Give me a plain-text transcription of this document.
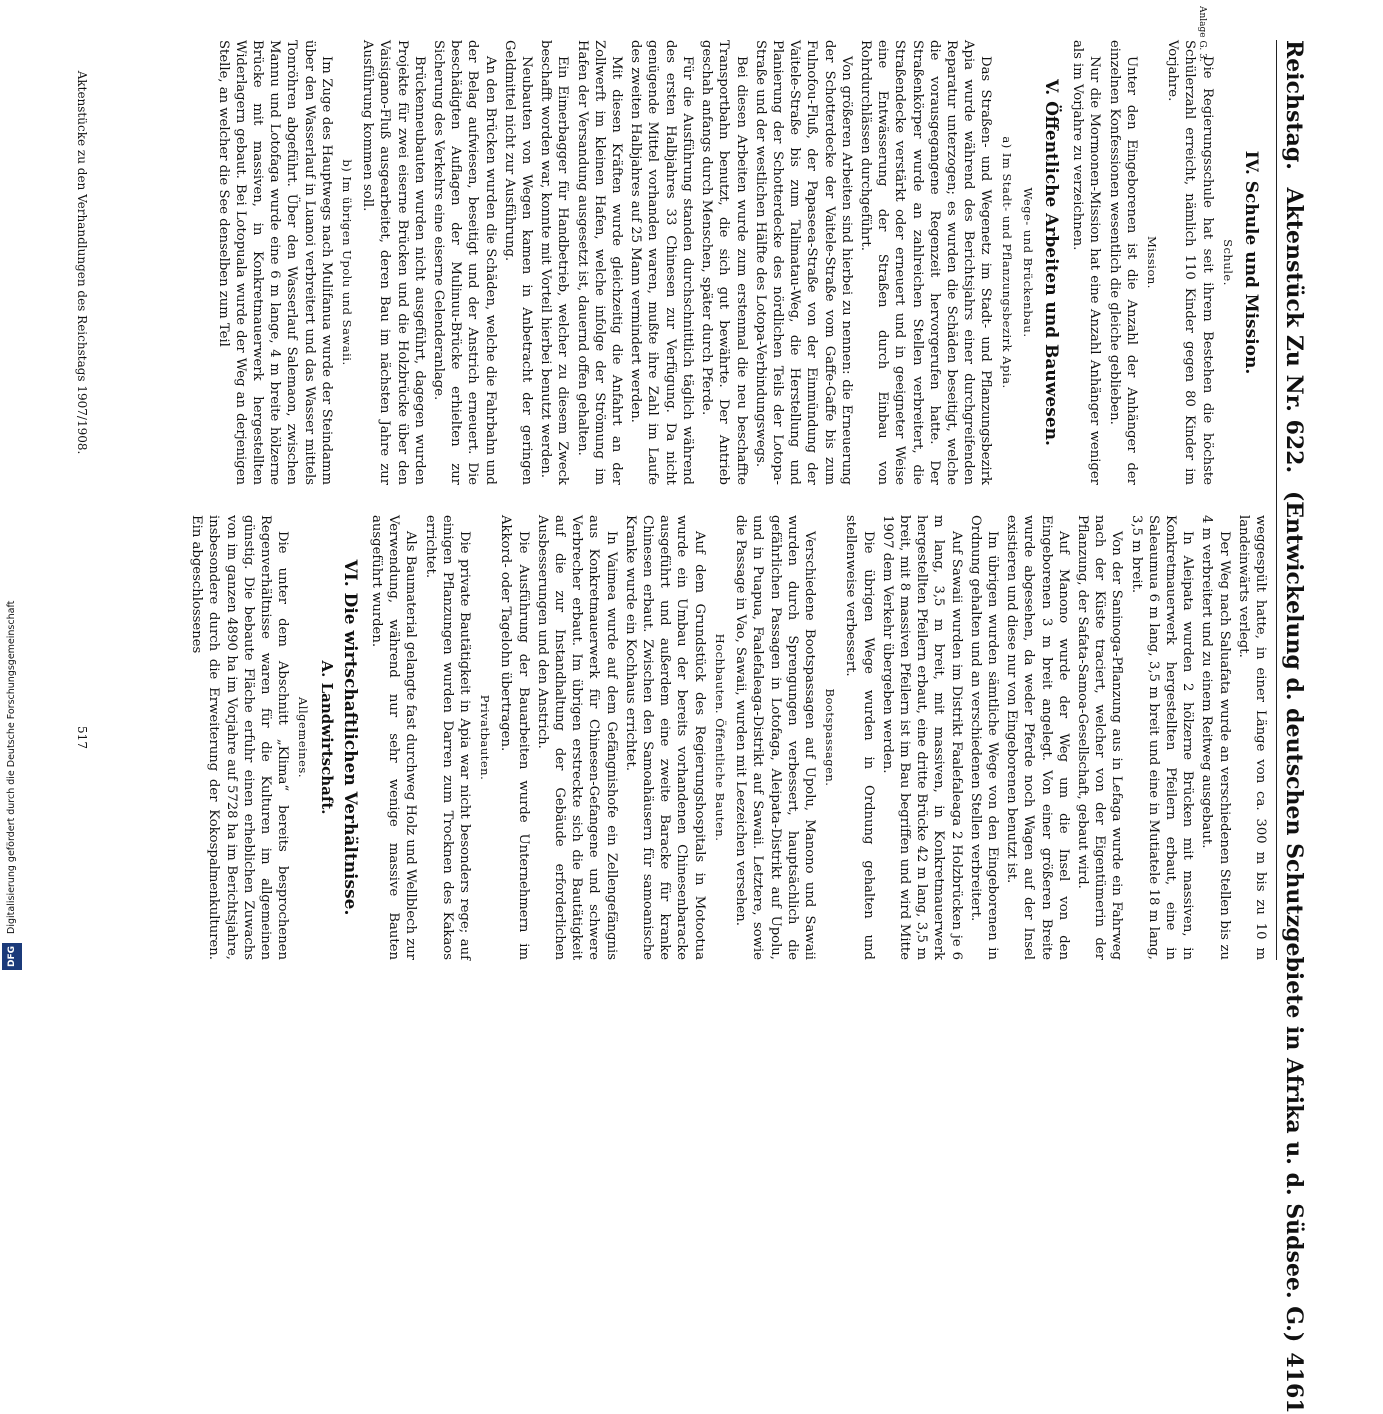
Reichstag. Aktenstück Zu Nr. 622. (Entwickelung d. deutschen Schutzgebiete in Afrika u. d. Südsee. G.)
4161
Anlage G. 3.
IV. Schule und Mission.
Schule.

Die Regierungsschule hat seit ihrem Bestehen die höchste Schülerzahl erreicht, nämlich 110 Kinder gegen 80 Kinder im Vorjahre.

Mission.

Unter den Eingeborenen ist die Anzahl der Anhänger der einzelnen Konfessionen wesentlich die gleiche geblieben.

Nur die Mormonen-Mission hat eine Anzahl Anhänger weniger als im Vorjahre zu verzeichnen.

V. Öffentliche Arbeiten und Bauwesen.
Wege- und Brückenbau.
a) Im Stadt- und Pflanzungsbezirk Apia.

Das Straßen- und Wegenetz im Stadt- und Pflanzungsbezirk Apia wurde während des Berichtsjahrs einer durchgreifenden Reparatur unterzogen; es wurden die Schäden beseitigt, welche die vorausgegangene Regenzeit hervorgerufen hatte. Der Straßenkörper wurde an zahlreichen Stellen verbreitert, die Straßendecke verstärkt oder erneuert und in geeigneter Weise eine Entwässerung der Straßen durch Einbau von Rohrdurchlässen durchgeführt.

Von größeren Arbeiten sind hierbei zu nennen: die Erneuerung der Schotterdecke der Vaitele-Straße vom Gaffe-Gaffe bis zum Fulnofou-Fluß, der Papaseea-Straße von der Einmündung der Vaitele-Straße bis zum Talimatau-Weg, die Herstellung und Planierung der Schotterdecke des nördlichen Teils der Lotopa-Straße und der westlichen Hälfte des Lotopa-Verbindungswegs.

Bei diesen Arbeiten wurde zum erstenmal die neu beschaffte Transportbahn benutzt, die sich gut bewährte. Der Antrieb geschah anfangs durch Menschen, später durch Pferde.

Für die Ausführung standen durchschnittlich täglich während des ersten Halbjahres 33 Chinesen zur Verfügung. Da nicht genügende Mittel vorhanden waren, mußte ihre Zahl im Laufe des zweiten Halbjahres auf 25 Mann vermindert werden.

Mit diesen Kräften wurde gleichzeitig die Anfahrt an der Zollwerft im kleinen Hafen, welche infolge der Strömung im Hafen der Versandung ausgesetzt ist, dauernd offen gehalten.

Ein Eimerbagger für Handbetrieb, welcher zu diesem Zweck beschafft worden war, konnte mit Vorteil hierbei benutzt werden.

Neubauten von Wegen kamen in Anbetracht der geringen Geldmittel nicht zur Ausführung.

An den Brücken wurden die Schäden, welche die Fahrbahn und der Belag aufwiesen, beseitigt und der Anstrich erneuert. Die beschädigten Auflagen der Mulinuu-Brücke erhielten zur Sicherung des Verkehrs eine eiserne Gelenderanlage.

Brückenneubauten wurden nicht ausgeführt, dagegen wurden Projekte für zwei eiserne Brücken und die Holzbrücke über den Vaisigano-Fluß ausgearbeitet, deren Bau im nächsten Jahre zur Ausführung kommen soll.

b) Im übrigen Upolu und Sawaii.

Im Zuge des Hauptwegs nach Mulifanua wurde der Steindamm über den Wasserlauf in Luanoi verbreitert und das Wasser mittels Tonröhren abgeführt. Über den Wasserlauf Salemaon, zwischen Mannu und Lotofaga wurde eine 6 m lange, 4 m breite hölzerne Brücke mit massiven, in Konkretmauerwerk hergestellten Widerlagern gebaut. Bei Lotopuala wurde der Weg an derjenigen Stelle, an welcher die See denselben zum Teil

weggespült hatte, in einer Länge von ca. 300 m bis zu 10 m landeinwärts verlegt.

Der Weg nach Saluafata wurde an verschiedenen Stellen bis zu 4 m verbreitert und zu einem Reitweg ausgebaut.

In Aleipata wurden 2 hölzerne Brücken mit massiven, in Konkretmauerwerk hergestellten Pfeilern erbaut, eine in Saleaumua 6 m lang, 3,5 m breit und eine in Mutiatele 18 m lang, 3,5 m breit.

Von der Saninoga-Pflanzung aus in Lefaga wurde ein Fahrweg nach der Küste traciert, welcher von der Eigentümerin der Pflanzung, der Safata-Samoa-Gesellschaft, gebaut wird.

Auf Manono wurde der Weg um die Insel von den Eingeborenen 3 m breit angelegt. Von einer größeren Breite wurde abgesehen, da weder Pferde noch Wagen auf der Insel existieren und diese nur von Eingeborenen benutzt ist.

Im übrigen wurden sämtliche Wege von den Eingeborenen in Ordnung gehalten und an verschiedenen Stellen verbreitert.

Auf Sawaii wurden im Distrikt Faalefaleaga 2 Holzbrücken je 6 m lang, 3,5 m breit, mit massiven, in Konkretmauerwerk hergestellten Pfeilern erbaut, eine dritte Brücke 42 m lang, 3,5 m breit, mit 8 massiven Pfeilern ist im Bau begriffen und wird Mitte 1907 dem Verkehr übergeben werden.

Die übrigen Wege wurden in Ordnung gehalten und stellenweise verbessert.

Bootspassagen.

Verschiedene Bootspassagen auf Upolu, Manono und Sawaii wurden durch Sprengungen verbessert, hauptsächlich die gefährlichen Passagen in Lotofaga, Aleipata-Distrikt auf Upolu, und in Puapua, Faalefaleaga-Distrikt auf Sawaii. Letztere, sowie die Passage in Vao, Sawaii, wurden mit Leezeichen versehen.

Hochbauten. Öffentliche Bauten.

Auf dem Grundstück des Regierungshospitals in Motootua wurde ein Umbau der bereits vorhandenen Chinesenbaracke ausgeführt und außerdem eine zweite Baracke für kranke Chinesen erbaut. Zwischen den Samoahäusern für samoanische Kranke wurde ein Kochhaus errichtet.

In Vaimea wurde auf dem Gefängnishofe ein Zellengefängnis aus Konkretmauerwerk für Chinesen-Gefangene und schwere Verbrecher erbaut. Im übrigen erstreckte sich die Bautätigkeit auf die zur Instandhaltung der Gebäude erforderlichen Ausbesserungen und den Anstrich.

Die Ausführung der Bauarbeiten wurde Unternehmern im Akkord- oder Tagelohn übertragen.

Privatbauten.

Die private Bautätigkeit in Apia war nicht besonders rege; auf einigen Pflanzungen wurden Darren zum Trocknen des Kakaos errichtet.

Als Baumaterial gelangte fast durchweg Holz und Wellblech zur Verwendung, während nur sehr wenige massive Bauten ausgeführt wurden.

VI. Die wirtschaftlichen Verhältnisse.
A. Landwirtschaft.
Allgemeines.

Die unter dem Abschnitt „Klima“ bereits besprochenen Regenverhältnisse waren für die Kulturen im allgemeinen günstig. Die bebaute Fläche erfuhr einen erheblichen Zuwachs von im ganzen 4890 ha im Vorjahre auf 5728 ha im Berichtsjahre, insbesondere durch die Erweiterung der Kokospalmenkulturen. Ein abgeschlossenes

Aktenstücke zu den Verhandlungen des Reichstags 1907/1908.
517
DFG Digitalisierung gefördert durch die Deutsche Forschungsgemeinschaft
